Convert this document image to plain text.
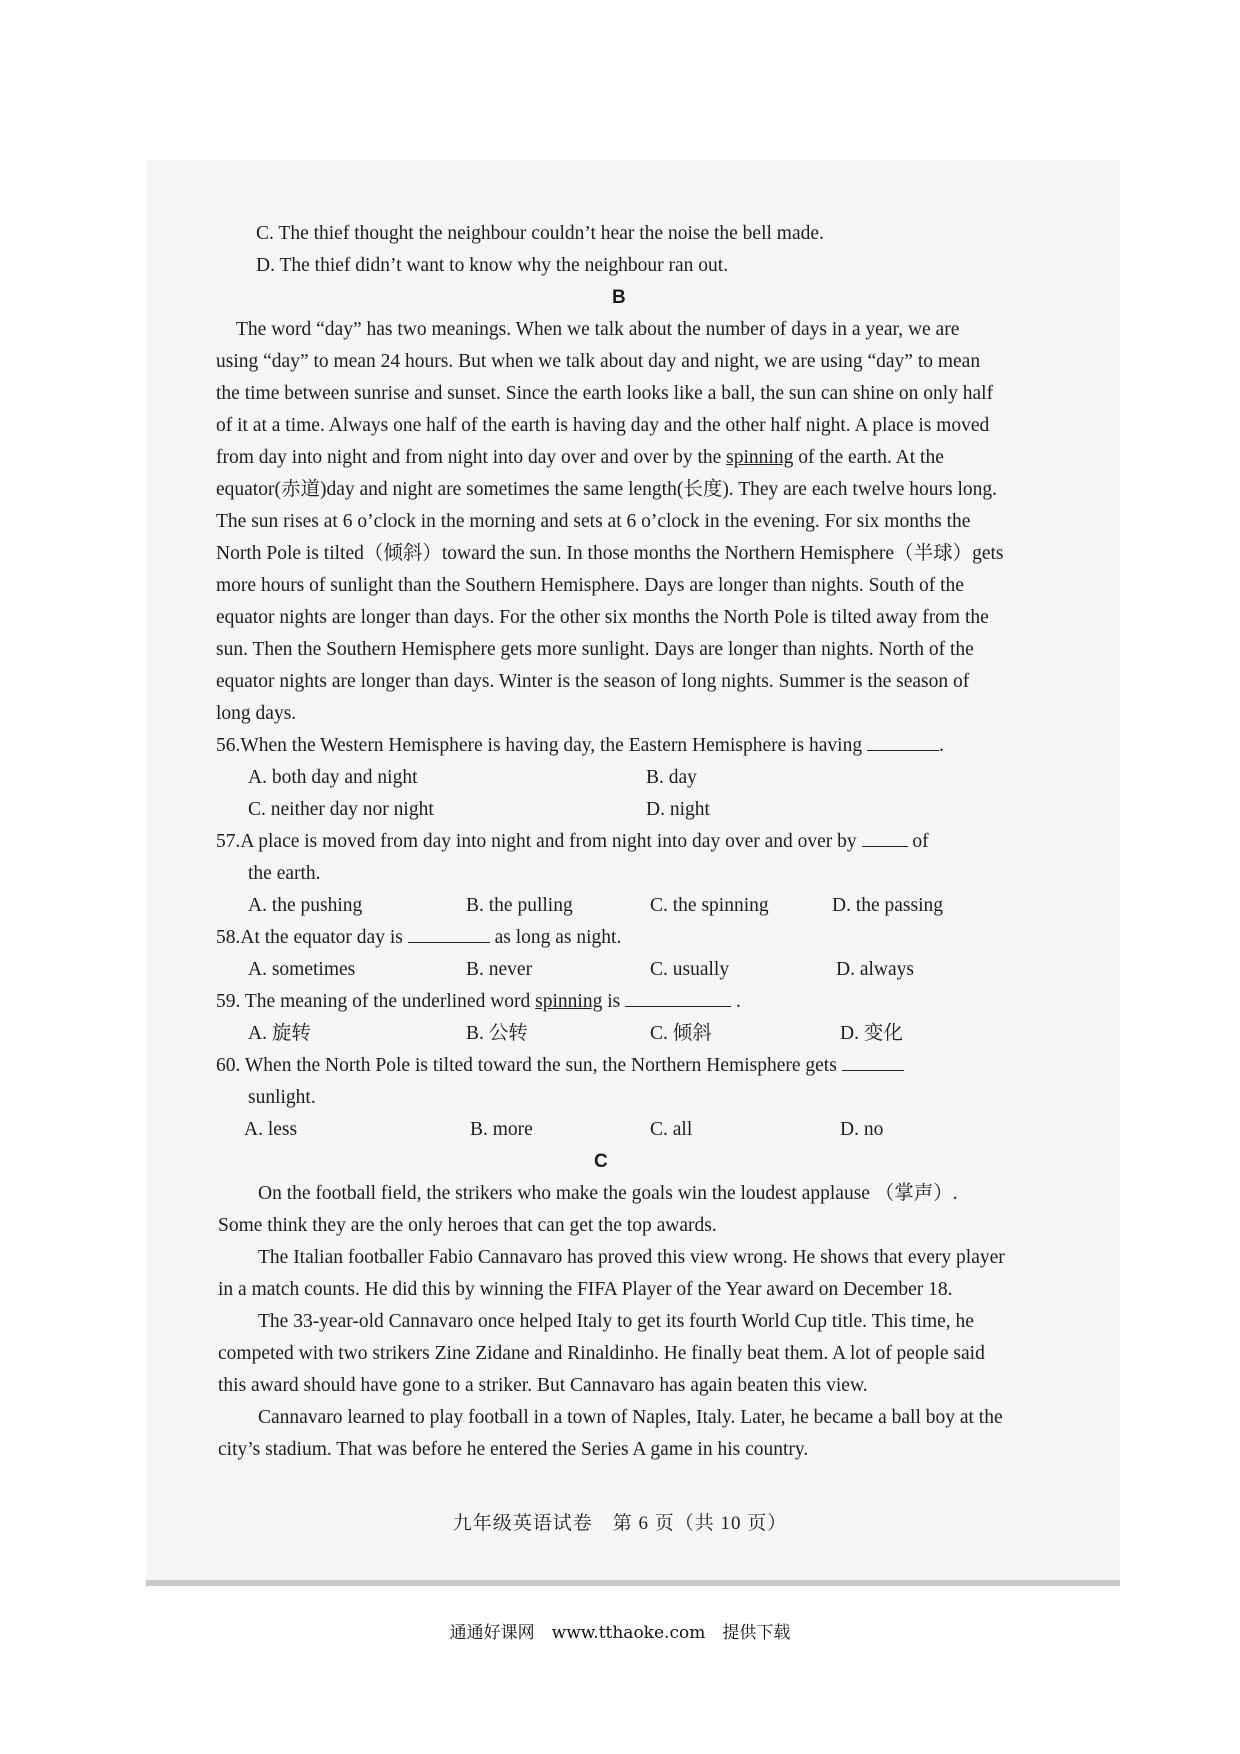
C. The thief thought the neighbour couldn’t hear the noise the bell made.
D. The thief didn’t want to know why the neighbour ran out.
B
The word “day” has two meanings. When we talk about the number of days in a year, we are
using “day” to mean 24 hours. But when we talk about day and night, we are using “day” to mean
the time between sunrise and sunset. Since the earth looks like a ball, the sun can shine on only half
of it at a time. Always one half of the earth is having day and the other half night. A place is moved
from day into night and from night into day over and over by the spinning of the earth. At the
equator(赤道)day and night are sometimes the same length(长度). They are each twelve hours long.
The sun rises at 6 o’clock in the morning and sets at 6 o’clock in the evening. For six months the
North Pole is tilted（倾斜）toward the sun. In those months the Northern Hemisphere（半球）gets
more hours of sunlight than the Southern Hemisphere. Days are longer than nights. South of the
equator nights are longer than days. For the other six months the North Pole is tilted away from the
sun. Then the Southern Hemisphere gets more sunlight. Days are longer than nights. North of the
equator nights are longer than days. Winter is the season of long nights. Summer is the season of
long days.
56.When the Western Hemisphere is having day, the Eastern Hemisphere is having	.
A. both day and night	B. day
C. neither day nor night	D. night
57.A place is moved from day into night and from night into day over and over by	of
the earth.
A. the pushing	B. the pulling	C. the spinning	D. the passing
58.At the equator day is	as long as night.
A. sometimes	B. never	C. usually	D. always
59. The meaning of the underlined word spinning is	.
A. 旋转	B. 公转	C. 倾斜	D. 变化
60. When the North Pole is tilted toward the sun, the Northern Hemisphere gets
sunlight.
A. less	B. more	C. all	D. no
C
On the football field, the strikers who make the goals win the loudest applause （掌声）.
Some think they are the only heroes that can get the top awards.
The Italian footballer Fabio Cannavaro has proved this view wrong. He shows that every player
in a match counts. He did this by winning the FIFA Player of the Year award on December 18.
The 33-year-old Cannavaro once helped Italy to get its fourth World Cup title. This time, he
competed with two strikers Zine Zidane and Rinaldinho. He finally beat them. A lot of people said
this award should have gone to a striker. But Cannavaro has again beaten this view.
Cannavaro learned to play football in a town of Naples, Italy. Later, he became a ball boy at the
city’s stadium. That was before he entered the Series A game in his country.
九年级英语试卷　第 6 页（共 10 页）
通通好课网　www.tthaoke.com　提供下载
